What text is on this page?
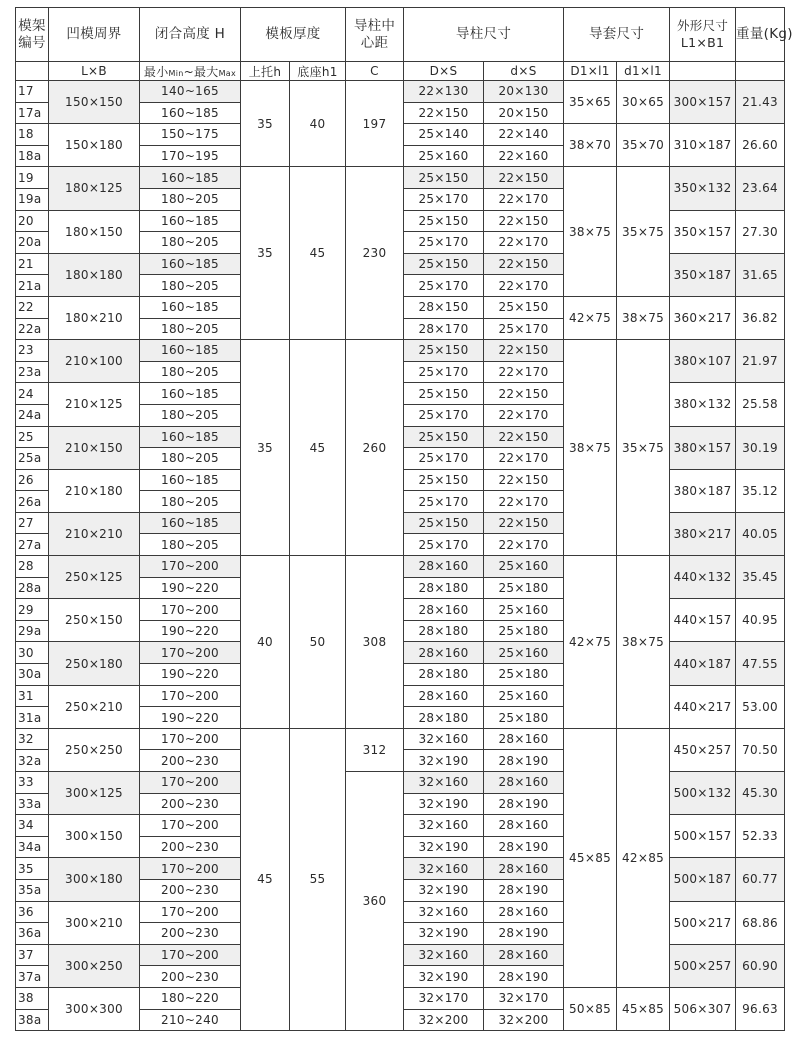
模架编号	凹模周界	闭合高度 H	模板厚度		导柱中心距	导柱尺寸		导套尺寸		外形尺寸 L1×B1	重量(Kg)
	L×B	最小Min~最大Max	上托h	底座h1	C	D×S	d×S	D1×l1	d1×l1		
17	150×150	140~165	35	40	197	22×130	20×130	35×65	30×65	300×157	21.43
17a		160~185				22×150	20×150				
18	150×180	150~175				25×140	22×140	38×70	35×70	310×187	26.60
18a		170~195				25×160	22×160				
19	180×125	160~185	35	45	230	25×150	22×150	38×75	35×75	350×132	23.64
19a		180~205				25×170	22×170				
20	180×150	160~185				25×150	22×150			350×157	27.30
20a		180~205				25×170	22×170				
21	180×180	160~185				25×150	22×150			350×187	31.65
21a		180~205				25×170	22×170				
22	180×210	160~185				28×150	25×150	42×75	38×75	360×217	36.82
22a		180~205				28×170	25×170				
23	210×100	160~185	35	45	260	25×150	22×150	38×75	35×75	380×107	21.97
23a		180~205				25×170	22×170				
24	210×125	160~185				25×150	22×150			380×132	25.58
24a		180~205				25×170	22×170				
25	210×150	160~185				25×150	22×150			380×157	30.19
25a		180~205				25×170	22×170				
26	210×180	160~185				25×150	22×150			380×187	35.12
26a		180~205				25×170	22×170				
27	210×210	160~185				25×150	22×150			380×217	40.05
27a		180~205				25×170	22×170				
28	250×125	170~200	40	50	308	28×160	25×160	42×75	38×75	440×132	35.45
28a		190~220				28×180	25×180				
29	250×150	170~200				28×160	25×160			440×157	40.95
29a		190~220				28×180	25×180				
30	250×180	170~200				28×160	25×160			440×187	47.55
30a		190~220				28×180	25×180				
31	250×210	170~200				28×160	25×160			440×217	53.00
31a		190~220				28×180	25×180				
32	250×250	170~200	45	55	312	32×160	28×160	45×85	42×85	450×257	70.50
32a		200~230				32×190	28×190				
33	300×125	170~200			360	32×160	28×160			500×132	45.30
33a		200~230				32×190	28×190				
34	300×150	170~200				32×160	28×160			500×157	52.33
34a		200~230				32×190	28×190				
35	300×180	170~200				32×160	28×160			500×187	60.77
35a		200~230				32×190	28×190				
36	300×210	170~200				32×160	28×160			500×217	68.86
36a		200~230				32×190	28×190				
37	300×250	170~200				32×160	28×160			500×257	60.90
37a		200~230				32×190	28×190				
38	300×300	180~220				32×170	32×170	50×85	45×85	506×307	96.63
38a		210~240				32×200	32×200				
